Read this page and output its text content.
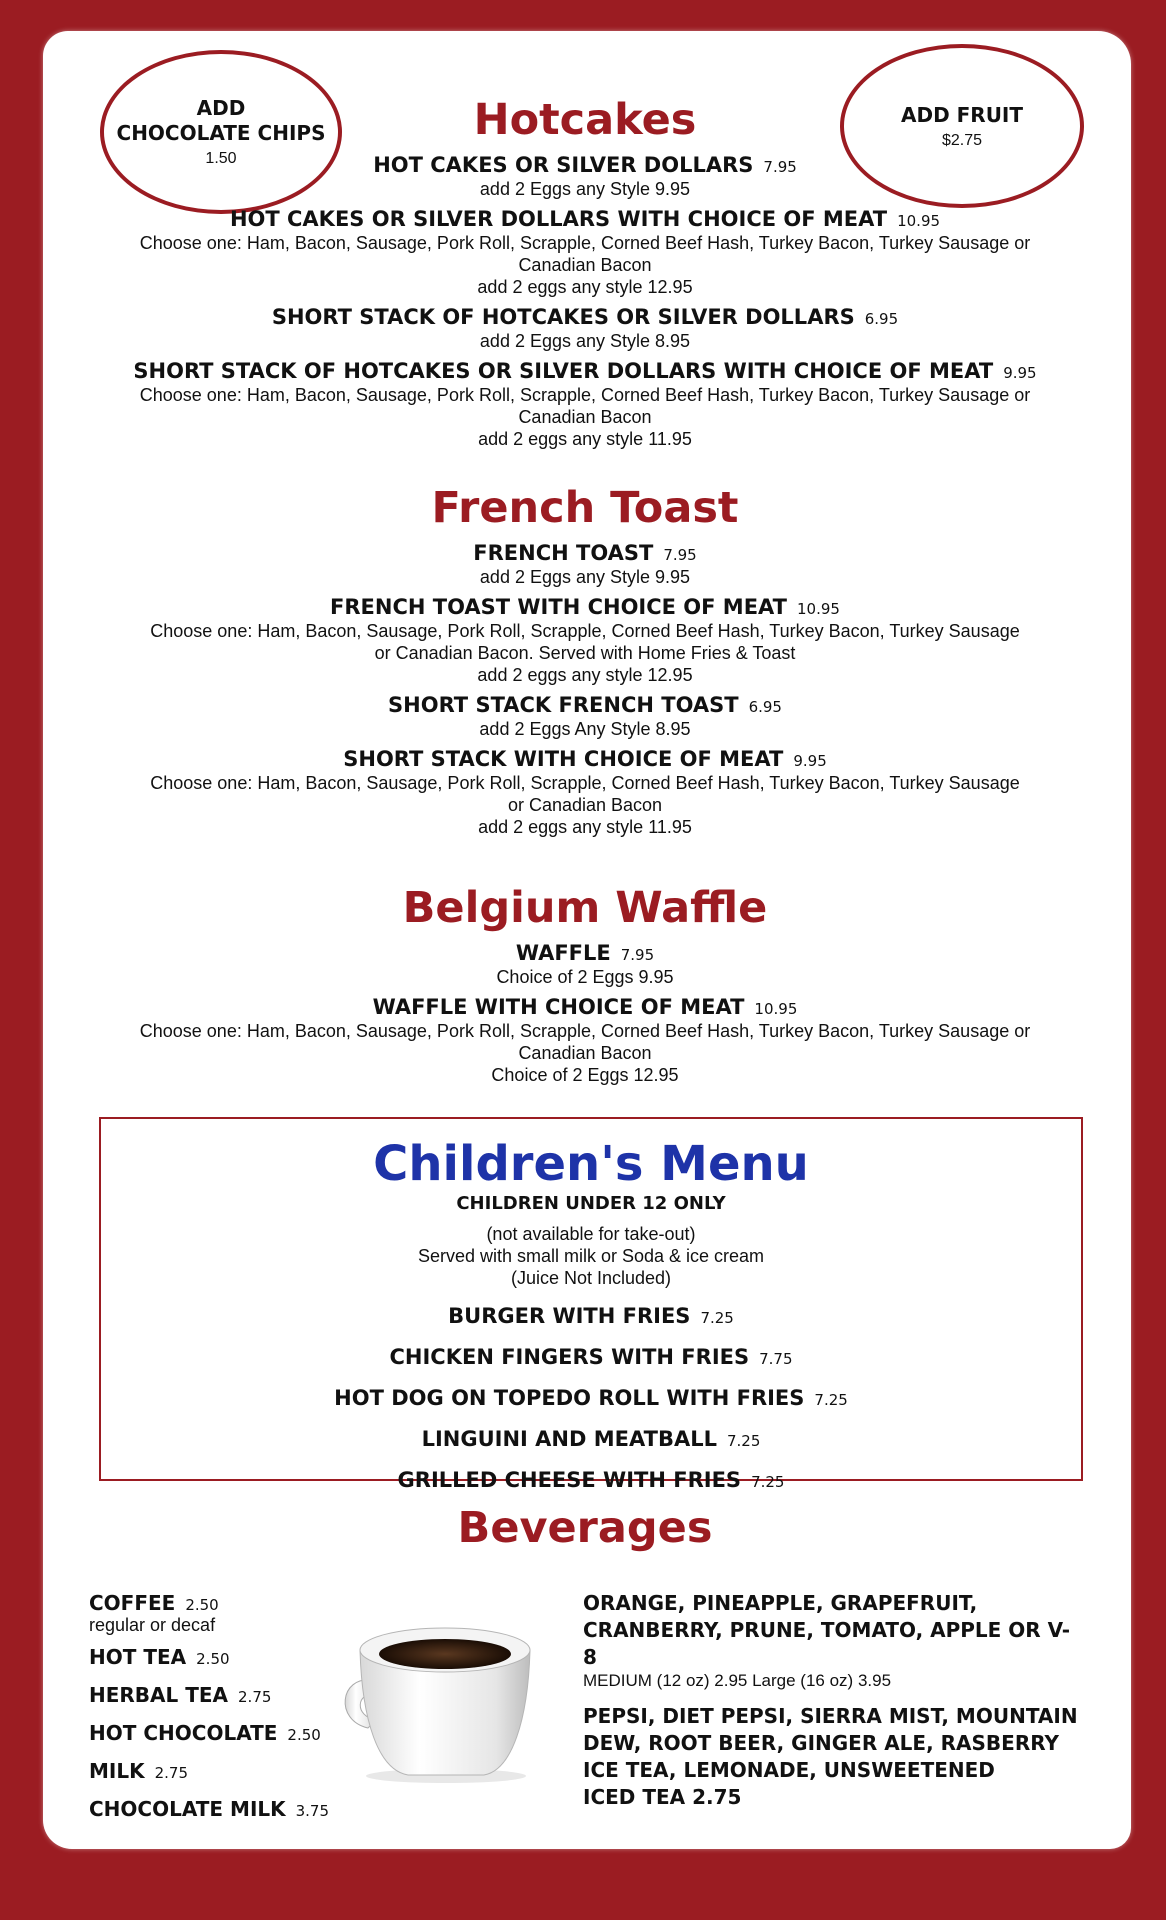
ADD
CHOCOLATE CHIPS
1.50
ADD FRUIT
$2.75
Hotcakes
HOT CAKES OR SILVER DOLLARS 7.95
add 2 Eggs any Style 9.95
HOT CAKES OR SILVER DOLLARS WITH CHOICE OF MEAT 10.95
Choose one: Ham, Bacon, Sausage, Pork Roll, Scrapple, Corned Beef Hash, Turkey Bacon, Turkey Sausage or
Canadian Bacon
add 2 eggs any style 12.95
SHORT STACK OF HOTCAKES OR SILVER DOLLARS 6.95
add 2 Eggs any Style 8.95
SHORT STACK OF HOTCAKES OR SILVER DOLLARS WITH CHOICE OF MEAT 9.95
Choose one: Ham, Bacon, Sausage, Pork Roll, Scrapple, Corned Beef Hash, Turkey Bacon, Turkey Sausage or
Canadian Bacon
add 2 eggs any style 11.95
French Toast
FRENCH TOAST 7.95
add 2 Eggs any Style 9.95
FRENCH TOAST WITH CHOICE OF MEAT 10.95
Choose one: Ham, Bacon, Sausage, Pork Roll, Scrapple, Corned Beef Hash, Turkey Bacon, Turkey Sausage
or Canadian Bacon. Served with Home Fries & Toast
add 2 eggs any style 12.95
SHORT STACK FRENCH TOAST 6.95
add 2 Eggs Any Style 8.95
SHORT STACK WITH CHOICE OF MEAT 9.95
Choose one: Ham, Bacon, Sausage, Pork Roll, Scrapple, Corned Beef Hash, Turkey Bacon, Turkey Sausage
or Canadian Bacon
add 2 eggs any style 11.95
Belgium Waffle
WAFFLE 7.95
Choice of 2 Eggs 9.95
WAFFLE WITH CHOICE OF MEAT 10.95
Choose one: Ham, Bacon, Sausage, Pork Roll, Scrapple, Corned Beef Hash, Turkey Bacon, Turkey Sausage or
Canadian Bacon
Choice of 2 Eggs 12.95
Children's Menu
CHILDREN UNDER 12 ONLY
(not available for take-out)
Served with small milk or Soda & ice cream
(Juice Not Included)
BURGER WITH FRIES 7.25
CHICKEN FINGERS WITH FRIES 7.75
HOT DOG ON TOPEDO ROLL WITH FRIES 7.25
LINGUINI AND MEATBALL 7.25
GRILLED CHEESE WITH FRIES 7.25
Beverages
COFFEE 2.50
regular or decaf
HOT TEA 2.50
HERBAL TEA 2.75
HOT CHOCOLATE 2.50
MILK 2.75
CHOCOLATE MILK 3.75
ORANGE, PINEAPPLE, GRAPEFRUIT,
CRANBERRY, PRUNE, TOMATO, APPLE OR V-8
MEDIUM (12 oz) 2.95 Large (16 oz) 3.95
PEPSI, DIET PEPSI, SIERRA MIST, MOUNTAIN
DEW, ROOT BEER, GINGER ALE, RASBERRY
ICE TEA, LEMONADE, UNSWEETENED
ICED TEA 2.75
